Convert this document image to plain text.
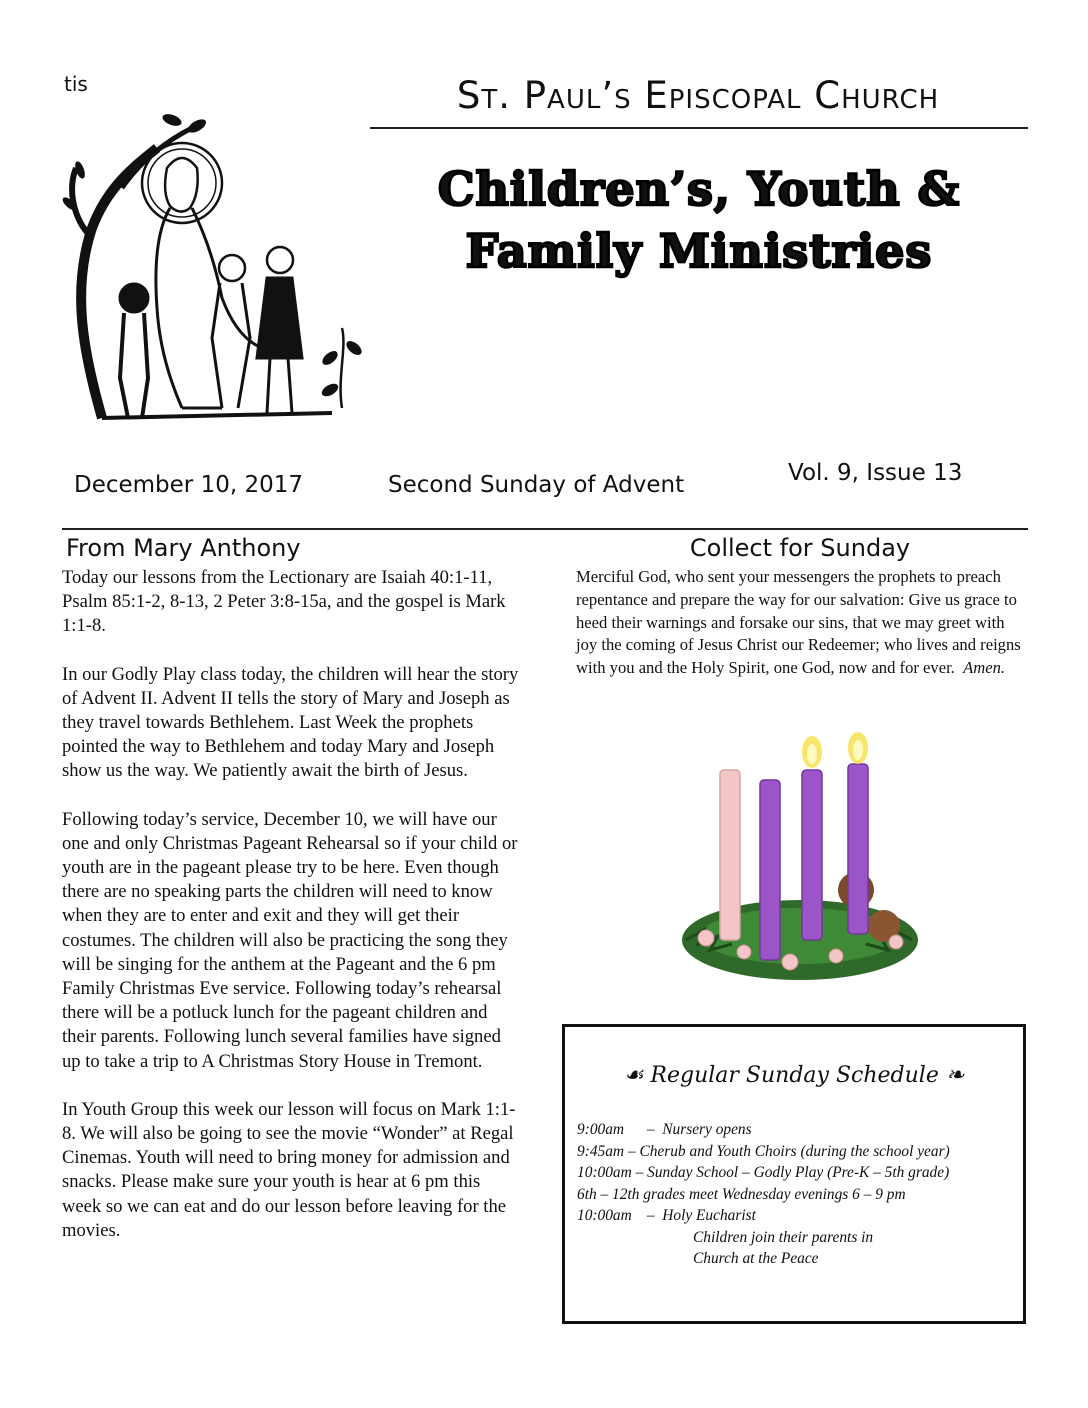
tis	St. Paul’s Episcopal Church
Children’s, Youth &
Family Ministries
December 10, 2017	Second Sunday of Advent	Vol. 9, Issue 13
From Mary Anthony	Collect for Sunday

Today our lessons from the Lectionary are Isaiah 40:1-11, Psalm 85:1-2, 8-13, 2 Peter 3:8-15a, and the gospel is Mark 1:1-8.

In our Godly Play class today, the children will hear the story of Advent II. Advent II tells the story of Mary and Joseph as they travel towards Bethlehem. Last Week the prophets pointed the way to Bethlehem and today Mary and Joseph show us the way. We patiently await the birth of Jesus.

Following today’s service, December 10, we will have our one and only Christmas Pageant Rehearsal so if your child or youth are in the pageant please try to be here. Even though there are no speaking parts the children will need to know when they are to enter and exit and they will get their costumes. The children will also be practicing the song they will be singing for the anthem at the Pageant and the 6 pm Family Christmas Eve service. Following today’s rehearsal there will be a potluck lunch for the pageant children and their parents. Following lunch several families have signed up to take a trip to A Christmas Story House in Tremont.

In Youth Group this week our lesson will focus on Mark 1:1-8. We will also be going to see the movie “Wonder” at Regal Cinemas. Youth will need to bring money for admission and snacks. Please make sure your youth is hear at 6 pm this week so we can eat and do our lesson before leaving for the movies.

Merciful God, who sent your messengers the prophets to preach repentance and prepare the way for our salvation: Give us grace to heed their warnings and forsake our sins, that we may greet with joy the coming of Jesus Christ our Redeemer; who lives and reigns with you and the Holy Spirit, one God, now and for ever. Amen.
☙ Regular Sunday Schedule ❧
9:00am – Nursery opens
9:45am – Cherub and Youth Choirs (during the school year)
10:00am – Sunday School – Godly Play (Pre-K – 5th grade)
6th – 12th grades meet Wednesday evenings 6 – 9 pm
10:00am – Holy Eucharist
Children join their parents in
Church at the Peace
